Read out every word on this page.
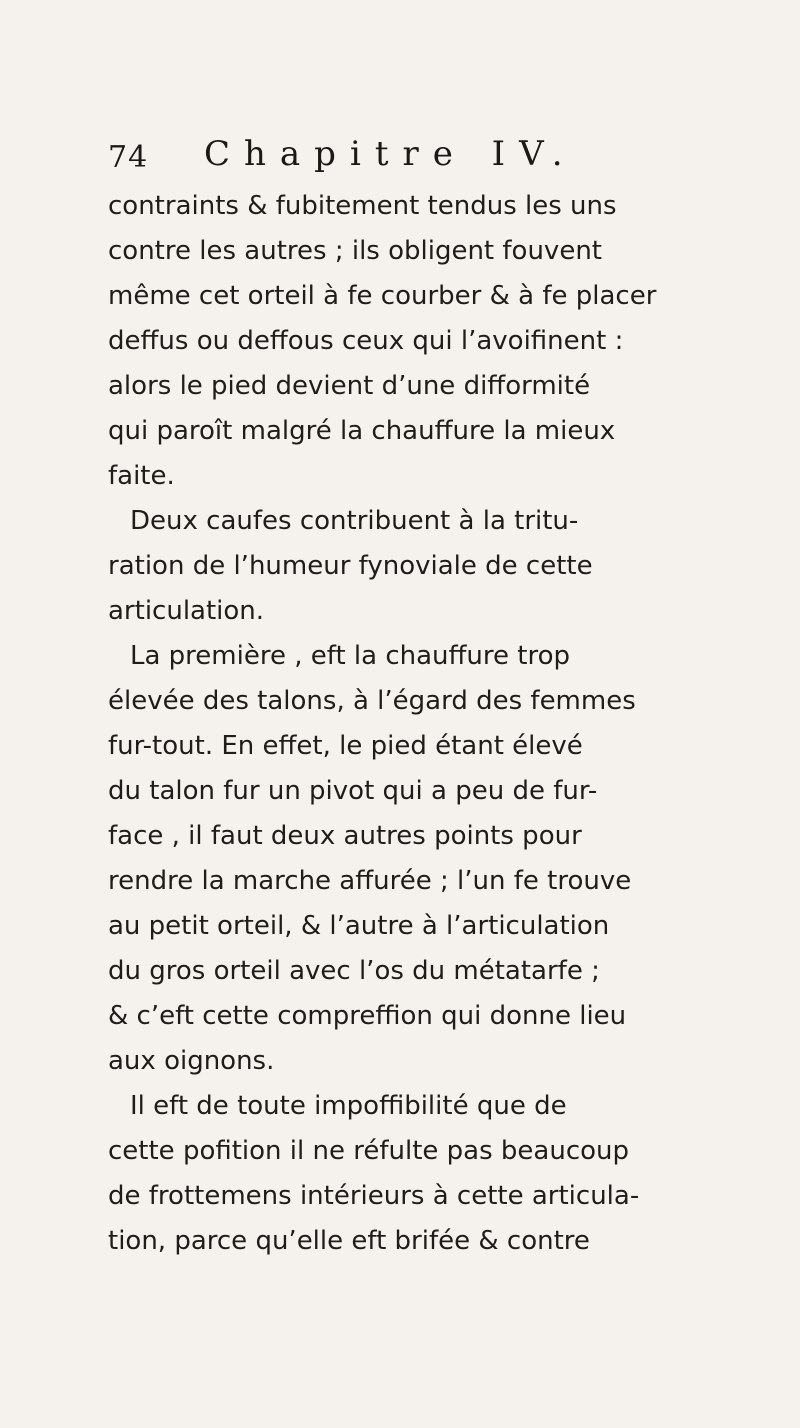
74 Chapitre IV.
contraints & fubitement tendus les uns
contre les autres ; ils obligent fouvent
même cet orteil à fe courber & à fe placer
deffus ou deffous ceux qui l’avoifinent :
alors le pied devient d’une difformité
qui paroît malgré la chauffure la mieux
faite.
Deux caufes contribuent à la tritu-
ration de l’humeur fynoviale de cette
articulation.
La première , eft la chauffure trop
élevée des talons, à l’égard des femmes
fur-tout. En effet, le pied étant élevé
du talon fur un pivot qui a peu de fur-
face , il faut deux autres points pour
rendre la marche affurée ; l’un fe trouve
au petit orteil, & l’autre à l’articulation
du gros orteil avec l’os du métatarfe ;
& c’eft cette compreffion qui donne lieu
aux oignons.
Il eft de toute impoffibilité que de
cette pofition il ne réfulte pas beaucoup
de frottemens intérieurs à cette articula-
tion, parce qu’elle eft brifée & contre
